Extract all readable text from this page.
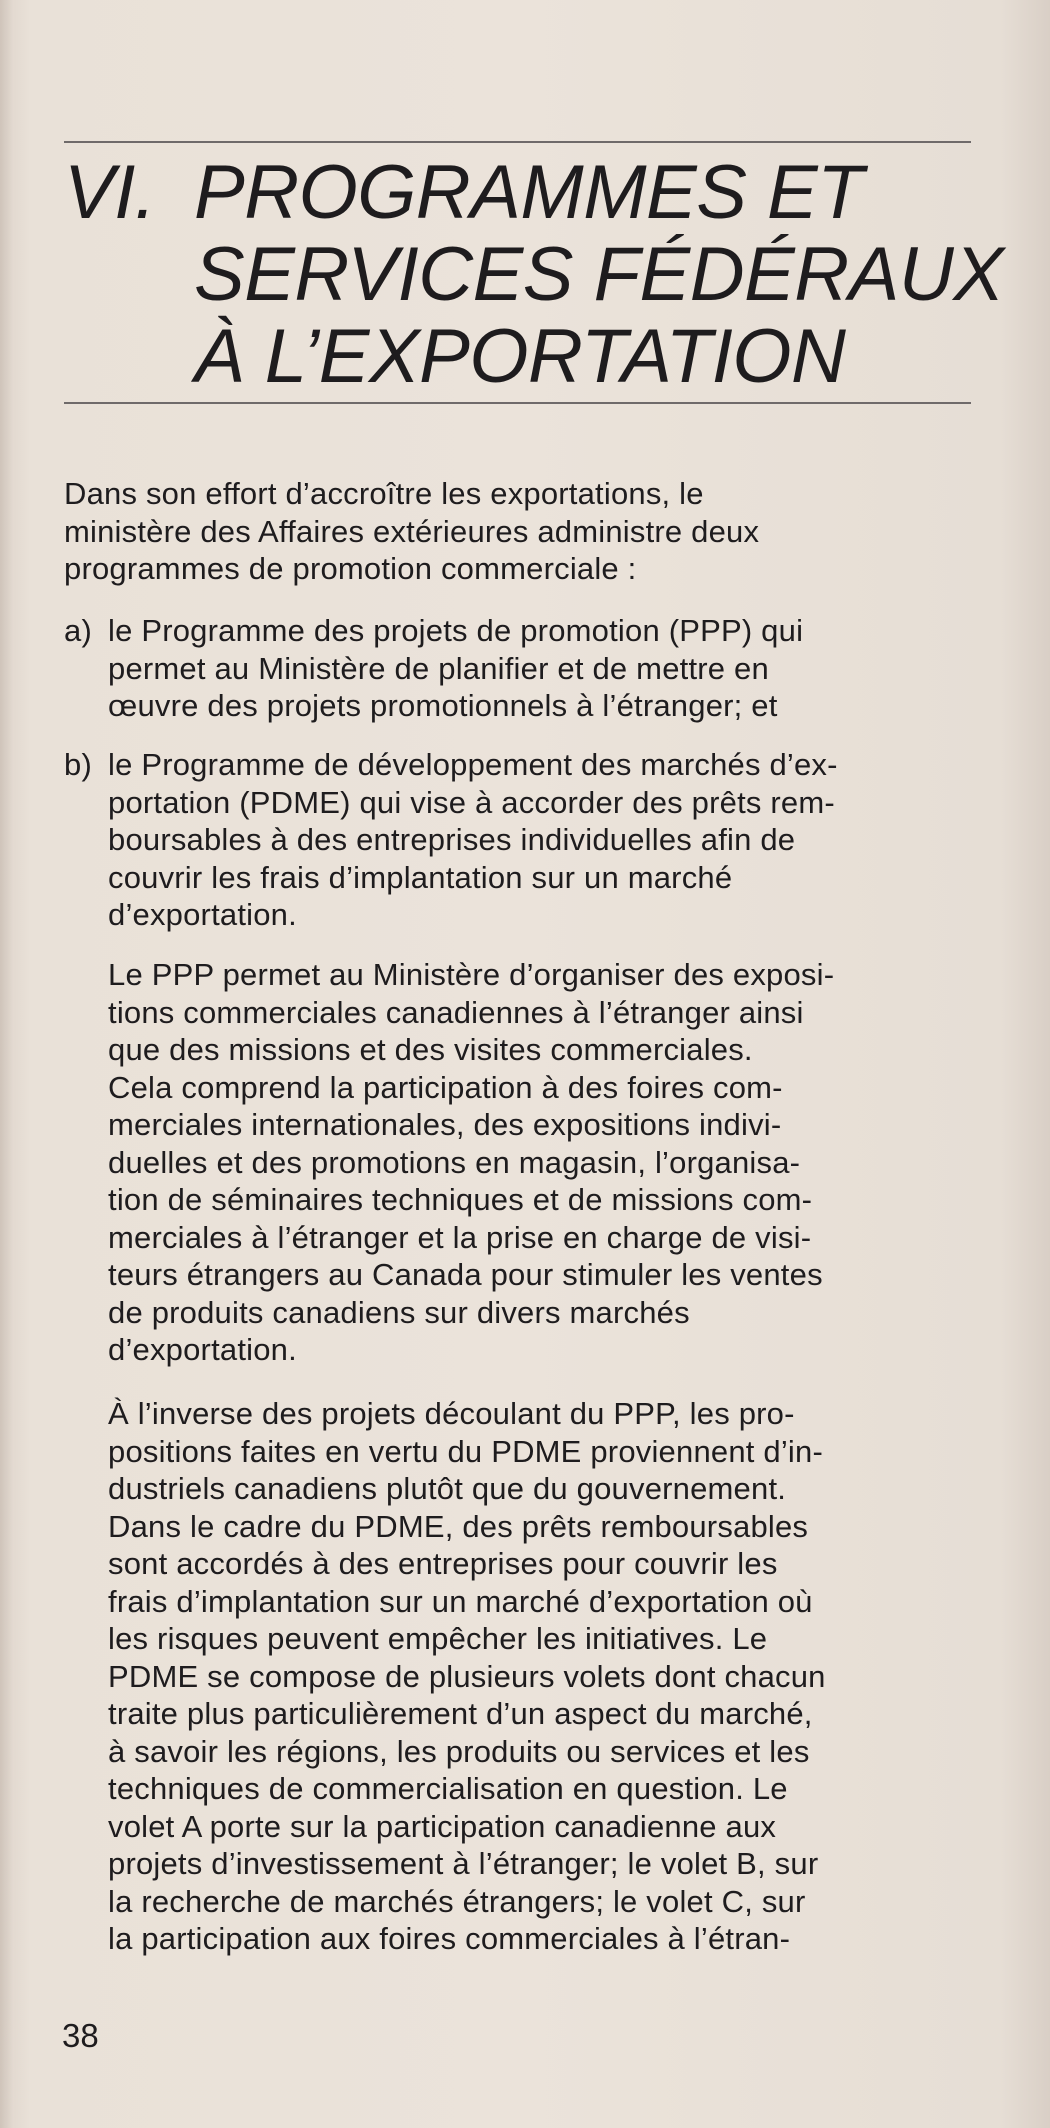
VI. PROGRAMMES ET
SERVICES FÉDÉRAUX
À L’EXPORTATION
Dans son effort d’accroître les exportations, le
ministère des Affaires extérieures administre deux
programmes de promotion commerciale :
a) le Programme des projets de promotion (PPP) qui
permet au Ministère de planifier et de mettre en
œuvre des projets promotionnels à l’étranger; et
b) le Programme de développement des marchés d’ex-
portation (PDME) qui vise à accorder des prêts rem-
boursables à des entreprises individuelles afin de
couvrir les frais d’implantation sur un marché
d’exportation.
Le PPP permet au Ministère d’organiser des exposi-
tions commerciales canadiennes à l’étranger ainsi
que des missions et des visites commerciales.
Cela comprend la participation à des foires com-
merciales internationales, des expositions indivi-
duelles et des promotions en magasin, l’organisa-
tion de séminaires techniques et de missions com-
merciales à l’étranger et la prise en charge de visi-
teurs étrangers au Canada pour stimuler les ventes
de produits canadiens sur divers marchés
d’exportation.
À l’inverse des projets découlant du PPP, les pro-
positions faites en vertu du PDME proviennent d’in-
dustriels canadiens plutôt que du gouvernement.
Dans le cadre du PDME, des prêts remboursables
sont accordés à des entreprises pour couvrir les
frais d’implantation sur un marché d’exportation où
les risques peuvent empêcher les initiatives. Le
PDME se compose de plusieurs volets dont chacun
traite plus particulièrement d’un aspect du marché,
à savoir les régions, les produits ou services et les
techniques de commercialisation en question. Le
volet A porte sur la participation canadienne aux
projets d’investissement à l’étranger; le volet B, sur
la recherche de marchés étrangers; le volet C, sur
la participation aux foires commerciales à l’étran-
38
